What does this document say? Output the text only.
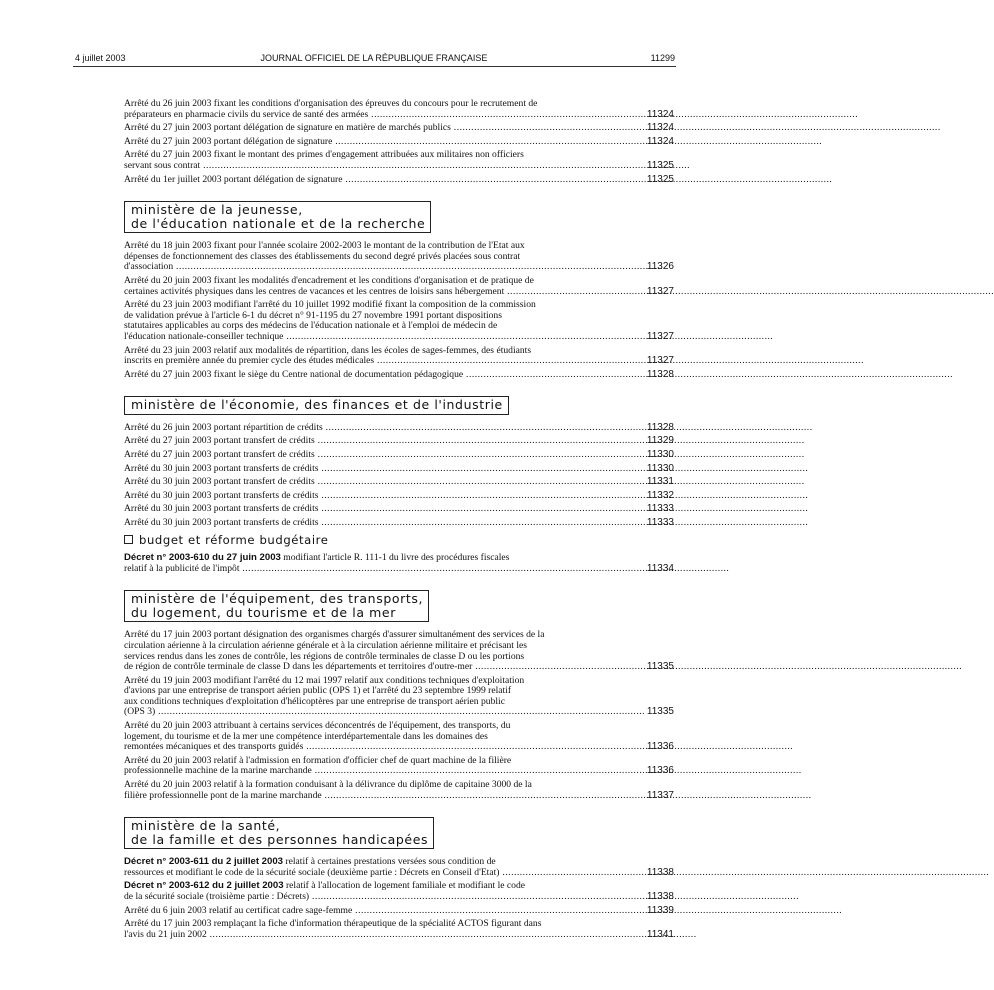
4 juillet 2003	JOURNAL OFFICIEL DE LA RÉPUBLIQUE FRANÇAISE	11299
Arrêté du 26 juin 2003 fixant les conditions d'organisation des épreuves du concours pour le recrutement de
préparateurs en pharmacie civils du service de santé des armées .....	11324
Arrêté du 27 juin 2003 portant délégation de signature en matière de marchés publics .....	11324
Arrêté du 27 juin 2003 portant délégation de signature .....	11324
Arrêté du 27 juin 2003 fixant le montant des primes d'engagement attribuées aux militaires non officiers
servant sous contrat .....	11325
Arrêté du 1er juillet 2003 portant délégation de signature .....	11325
ministère de la jeunesse,
de l'éducation nationale et de la recherche
Arrêté du 18 juin 2003 fixant pour l'année scolaire 2002-2003 le montant de la contribution de l'Etat aux
dépenses de fonctionnement des classes des établissements du second degré privés placées sous contrat
d'association .....	11326
Arrêté du 20 juin 2003 fixant les modalités d'encadrement et les conditions d'organisation et de pratique de
certaines activités physiques dans les centres de vacances et les centres de loisirs sans hébergement .....	11327
Arrêté du 23 juin 2003 modifiant l'arrêté du 10 juillet 1992 modifié fixant la composition de la commission
de validation prévue à l'article 6-1 du décret n° 91-1195 du 27 novembre 1991 portant dispositions
statutaires applicables au corps des médecins de l'éducation nationale et à l'emploi de médecin de
l'éducation nationale-conseiller technique .....	11327
Arrêté du 23 juin 2003 relatif aux modalités de répartition, dans les écoles de sages-femmes, des étudiants
inscrits en première année du premier cycle des études médicales .....	11327
Arrêté du 27 juin 2003 fixant le siège du Centre national de documentation pédagogique .....	11328
ministère de l'économie, des finances et de l'industrie
Arrêté du 26 juin 2003 portant répartition de crédits .....	11328
Arrêté du 27 juin 2003 portant transfert de crédits .....	11329
Arrêté du 27 juin 2003 portant transfert de crédits .....	11330
Arrêté du 30 juin 2003 portant transferts de crédits .....	11330
Arrêté du 30 juin 2003 portant transfert de crédits .....	11331
Arrêté du 30 juin 2003 portant transferts de crédits .....	11332
Arrêté du 30 juin 2003 portant transferts de crédits .....	11333
Arrêté du 30 juin 2003 portant transferts de crédits .....	11333
budget et réforme budgétaire
Décret n° 2003-610 du 27 juin 2003 modifiant l'article R. 111-1 du livre des procédures fiscales
relatif à la publicité de l'impôt .....	11334
ministère de l'équipement, des transports,
du logement, du tourisme et de la mer
Arrêté du 17 juin 2003 portant désignation des organismes chargés d'assurer simultanément des services de la
circulation aérienne à la circulation aérienne générale et à la circulation aérienne militaire et précisant les
services rendus dans les zones de contrôle, les régions de contrôle terminales de classe D ou les portions
de région de contrôle terminale de classe D dans les départements et territoires d'outre-mer .....	11335
Arrêté du 19 juin 2003 modifiant l'arrêté du 12 mai 1997 relatif aux conditions techniques d'exploitation
d'avions par une entreprise de transport aérien public (OPS 1) et l'arrêté du 23 septembre 1999 relatif
aux conditions techniques d'exploitation d'hélicoptères par une entreprise de transport aérien public
(OPS 3) .....	11335
Arrêté du 20 juin 2003 attribuant à certains services déconcentrés de l'équipement, des transports, du
logement, du tourisme et de la mer une compétence interdépartementale dans les domaines des
remontées mécaniques et des transports guidés .....	11336
Arrêté du 20 juin 2003 relatif à l'admission en formation d'officier chef de quart machine de la filière
professionnelle machine de la marine marchande .....	11336
Arrêté du 20 juin 2003 relatif à la formation conduisant à la délivrance du diplôme de capitaine 3000 de la
filière professionnelle pont de la marine marchande .....	11337
ministère de la santé,
de la famille et des personnes handicapées
Décret n° 2003-611 du 2 juillet 2003 relatif à certaines prestations versées sous condition de
ressources et modifiant le code de la sécurité sociale (deuxième partie : Décrets en Conseil d'Etat) .....	11338
Décret n° 2003-612 du 2 juillet 2003 relatif à l'allocation de logement familiale et modifiant le code
de la sécurité sociale (troisième partie : Décrets) .....	11338
Arrêté du 6 juin 2003 relatif au certificat cadre sage-femme .....	11339
Arrêté du 17 juin 2003 remplaçant la fiche d'information thérapeutique de la spécialité ACTOS figurant dans
l'avis du 21 juin 2002 .....	11341
